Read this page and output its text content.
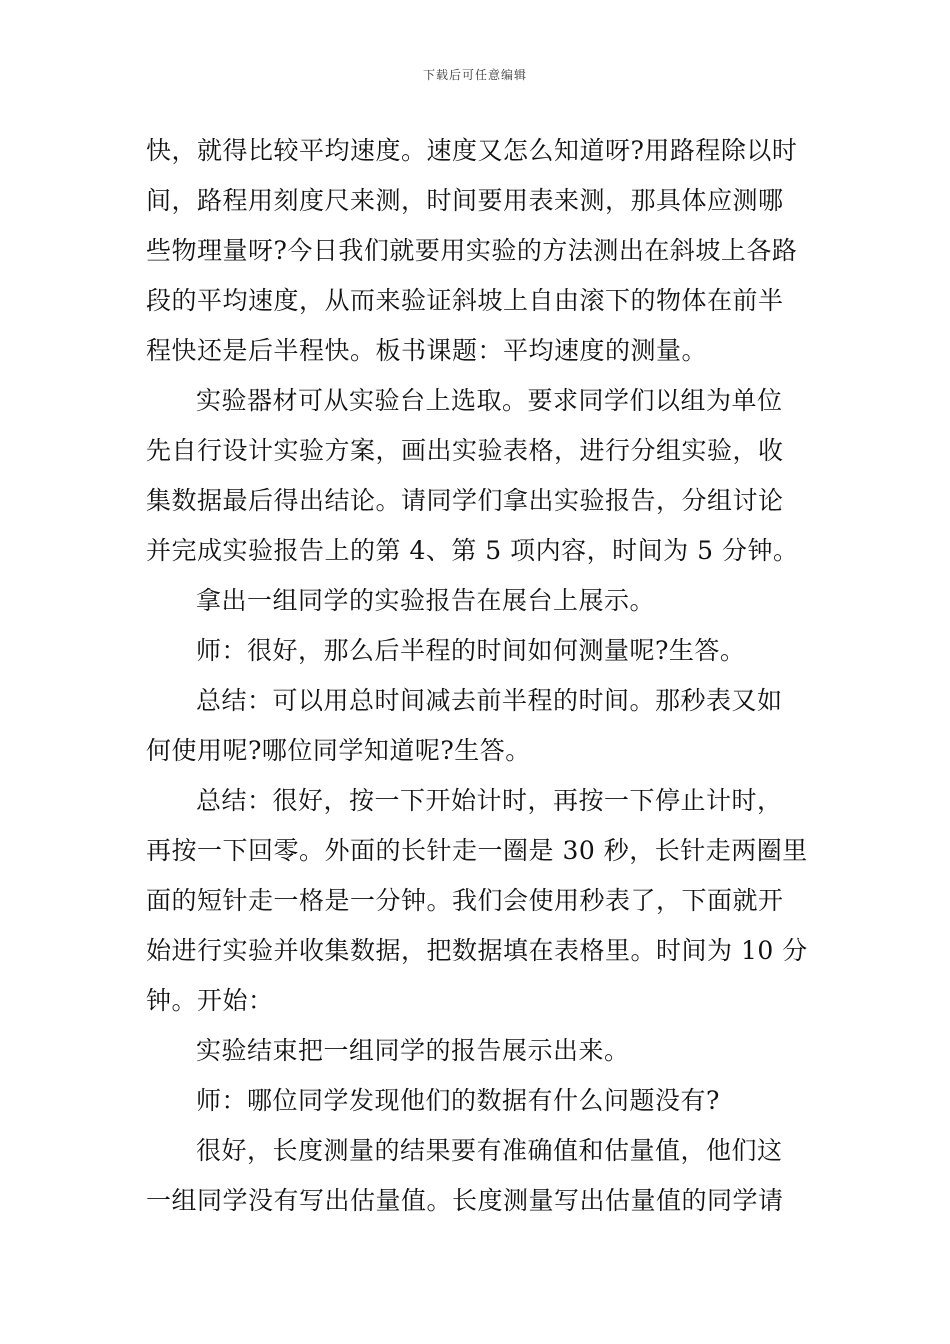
下载后可任意编辑
快，就得比较平均速度。速度又怎么知道呀?用路程除以时
间，路程用刻度尺来测，时间要用表来测，那具体应测哪
些物理量呀?今日我们就要用实验的方法测出在斜坡上各路
段的平均速度，从而来验证斜坡上自由滚下的物体在前半
程快还是后半程快。板书课题：平均速度的测量。
实验器材可从实验台上选取。要求同学们以组为单位
先自行设计实验方案，画出实验表格，进行分组实验，收
集数据最后得出结论。请同学们拿出实验报告，分组讨论
并完成实验报告上的第 4、第 5 项内容，时间为 5 分钟。
拿出一组同学的实验报告在展台上展示。
师：很好，那么后半程的时间如何测量呢?生答。
总结：可以用总时间减去前半程的时间。那秒表又如
何使用呢?哪位同学知道呢?生答。
总结：很好，按一下开始计时，再按一下停止计时，
再按一下回零。外面的长针走一圈是 30 秒，长针走两圈里
面的短针走一格是一分钟。我们会使用秒表了，下面就开
始进行实验并收集数据，把数据填在表格里。时间为 10 分
钟。开始：
实验结束把一组同学的报告展示出来。
师：哪位同学发现他们的数据有什么问题没有?
很好，长度测量的结果要有准确值和估量值，他们这
一组同学没有写出估量值。长度测量写出估量值的同学请
